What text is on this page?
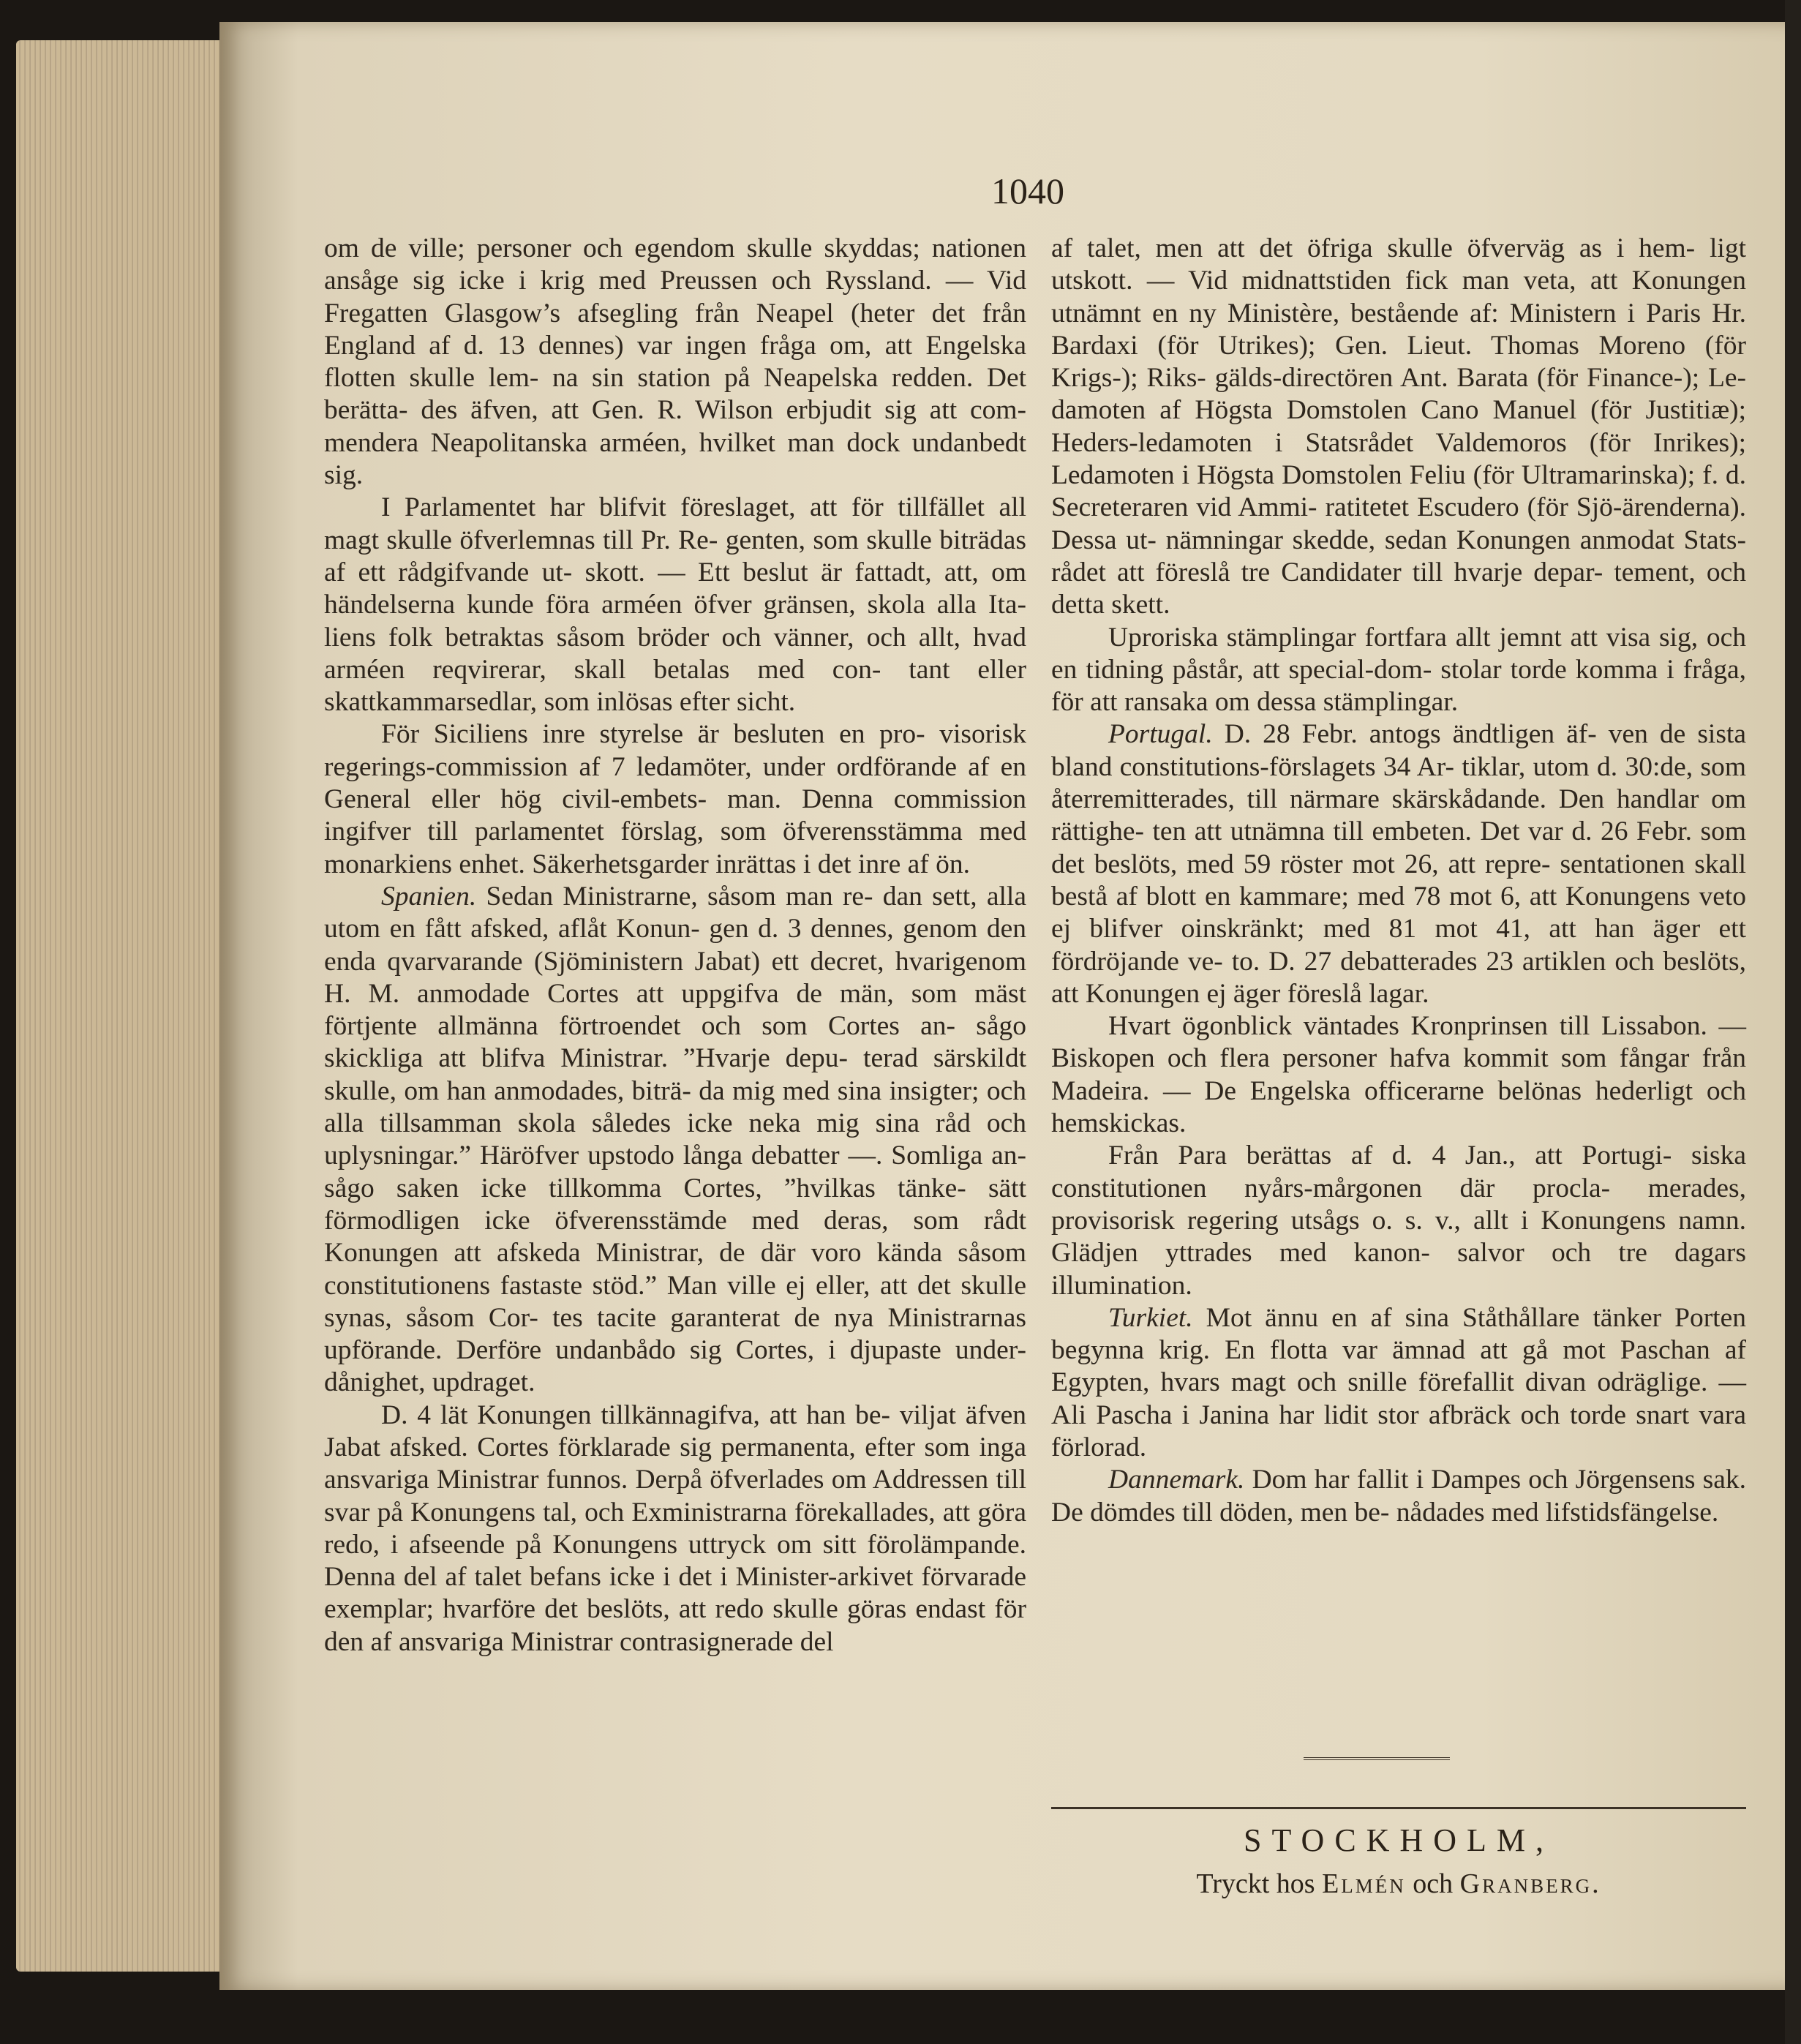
1040

om de ville; personer och egendom skulle skyddas; nationen ansåge sig icke i krig med Preussen och Ryssland. — Vid Fregatten Glasgow’s afsegling från Neapel (heter det från England af d. 13 dennes) var ingen fråga om, att Engelska flotten skulle lem- na sin station på Neapelska redden. Det berätta- des äfven, att Gen. R. Wilson erbjudit sig att com- mendera Neapolitanska arméen, hvilket man dock undanbedt sig.

I Parlamentet har blifvit föreslaget, att för tillfället all magt skulle öfverlemnas till Pr. Re- genten, som skulle biträdas af ett rådgifvande ut- skott. — Ett beslut är fattadt, att, om händelserna kunde föra arméen öfver gränsen, skola alla Ita- liens folk betraktas såsom bröder och vänner, och allt, hvad arméen reqvirerar, skall betalas med con- tant eller skattkammarsedlar, som inlösas efter sicht.

För Siciliens inre styrelse är besluten en pro- visorisk regerings-commission af 7 ledamöter, under ordförande af en General eller hög civil-embets- man. Denna commission ingifver till parlamentet förslag, som öfverensstämma med monarkiens enhet. Säkerhetsgarder inrättas i det inre af ön.

Spanien. Sedan Ministrarne, såsom man re- dan sett, alla utom en fått afsked, aflåt Konun- gen d. 3 dennes, genom den enda qvarvarande (Sjöministern Jabat) ett decret, hvarigenom H. M. anmodade Cortes att uppgifva de män, som mäst förtjente allmänna förtroendet och som Cortes an- sågo skickliga att blifva Ministrar. ”Hvarje depu- terad särskildt skulle, om han anmodades, biträ- da mig med sina insigter; och alla tillsamman skola således icke neka mig sina råd och uplysningar.” Häröfver upstodo långa debatter —. Somliga an- sågo saken icke tillkomma Cortes, ”hvilkas tänke- sätt förmodligen icke öfverensstämde med deras, som rådt Konungen att afskeda Ministrar, de där voro kända såsom constitutionens fastaste stöd.” Man ville ej eller, att det skulle synas, såsom Cor- tes tacite garanterat de nya Ministrarnas upförande. Derföre undanbådo sig Cortes, i djupaste under- dånighet, updraget.

D. 4 lät Konungen tillkännagifva, att han be- viljat äfven Jabat afsked. Cortes förklarade sig permanenta, efter som inga ansvariga Ministrar funnos. Derpå öfverlades om Addressen till svar på Konungens tal, och Exministrarna förekallades, att göra redo, i afseende på Konungens uttryck om sitt förolämpande. Denna del af talet befans icke i det i Minister-arkivet förvarade exemplar; hvarföre det beslöts, att redo skulle göras endast för den af ansvariga Ministrar contrasignerade del

af talet, men att det öfriga skulle öfverväg as i hem- ligt utskott. — Vid midnattstiden fick man veta, att Konungen utnämnt en ny Ministère, bestående af: Ministern i Paris Hr. Bardaxi (för Utrikes); Gen. Lieut. Thomas Moreno (för Krigs-); Riks- gälds-directören Ant. Barata (för Finance-); Le- damoten af Högsta Domstolen Cano Manuel (för Justitiæ); Heders-ledamoten i Statsrådet Valdemoros (för Inrikes); Ledamoten i Högsta Domstolen Feliu (för Ultramarinska); f. d. Secreteraren vid Ammi- ratitetet Escudero (för Sjö-ärenderna). Dessa ut- nämningar skedde, sedan Konungen anmodat Stats- rådet att föreslå tre Candidater till hvarje depar- tement, och detta skett.

Uproriska stämplingar fortfara allt jemnt att visa sig, och en tidning påstår, att special-dom- stolar torde komma i fråga, för att ransaka om dessa stämplingar.

Portugal. D. 28 Febr. antogs ändtligen äf- ven de sista bland constitutions-förslagets 34 Ar- tiklar, utom d. 30:de, som återremitterades, till närmare skärskådande. Den handlar om rättighe- ten att utnämna till embeten. Det var d. 26 Febr. som det beslöts, med 59 röster mot 26, att repre- sentationen skall bestå af blott en kammare; med 78 mot 6, att Konungens veto ej blifver oinskränkt; med 81 mot 41, att han äger ett fördröjande ve- to. D. 27 debatterades 23 artiklen och beslöts, att Konungen ej äger föreslå lagar.

Hvart ögonblick väntades Kronprinsen till Lissabon. — Biskopen och flera personer hafva kommit som fångar från Madeira. — De Engelska officerarne belönas hederligt och hemskickas.

Från Para berättas af d. 4 Jan., att Portugi- siska constitutionen nyårs-mårgonen där procla- merades, provisorisk regering utsågs o. s. v., allt i Konungens namn. Glädjen yttrades med kanon- salvor och tre dagars illumination.

Turkiet. Mot ännu en af sina Ståthållare tänker Porten begynna krig. En flotta var ämnad att gå mot Paschan af Egypten, hvars magt och snille förefallit divan odräglige. — Ali Pascha i Janina har lidit stor afbräck och torde snart vara förlorad.

Dannemark. Dom har fallit i Dampes och Jörgensens sak. De dömdes till döden, men be- nådades med lifstidsfängelse.

STOCKHOLM,
Tryckt hos Elmén och Granberg.
